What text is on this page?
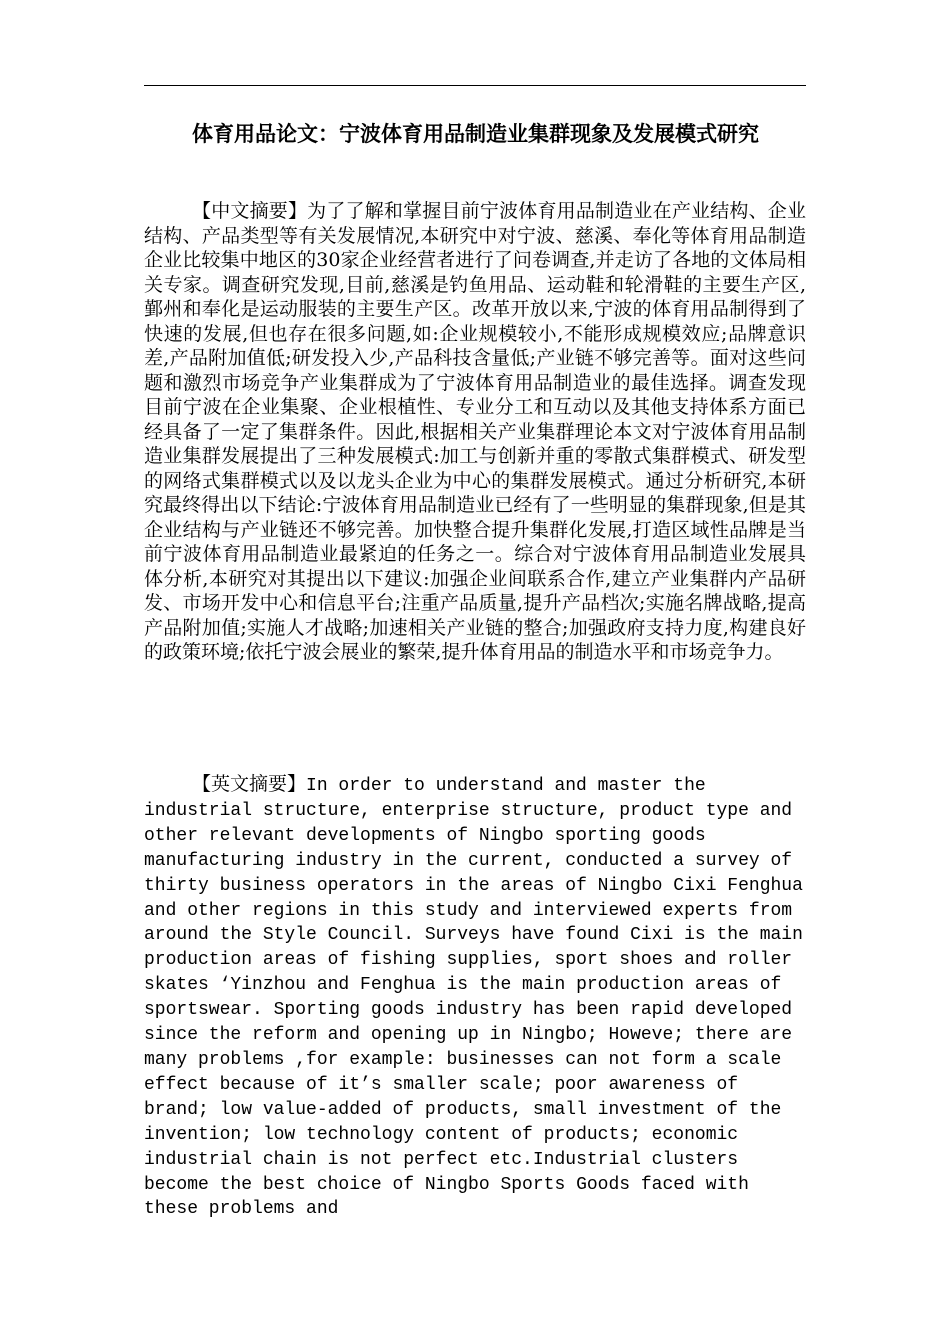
体育用品论文：宁波体育用品制造业集群现象及发展模式研究

【中文摘要】为了了解和掌握目前宁波体育用品制造业在产业结构、企业结构、产品类型等有关发展情况,本研究中对宁波、慈溪、奉化等体育用品制造企业比较集中地区的30家企业经营者进行了问卷调查,并走访了各地的文体局相关专家。调查研究发现,目前,慈溪是钓鱼用品、运动鞋和轮滑鞋的主要生产区,鄞州和奉化是运动服装的主要生产区。改革开放以来,宁波的体育用品制得到了快速的发展,但也存在很多问题,如:企业规模较小,不能形成规模效应;品牌意识差,产品附加值低;研发投入少,产品科技含量低;产业链不够完善等。面对这些问题和激烈市场竞争产业集群成为了宁波体育用品制造业的最佳选择。调查发现目前宁波在企业集聚、企业根植性、专业分工和互动以及其他支持体系方面已经具备了一定了集群条件。因此,根据相关产业集群理论本文对宁波体育用品制造业集群发展提出了三种发展模式:加工与创新并重的零散式集群模式、研发型的网络式集群模式以及以龙头企业为中心的集群发展模式。通过分析研究,本研究最终得出以下结论:宁波体育用品制造业已经有了一些明显的集群现象,但是其企业结构与产业链还不够完善。加快整合提升集群化发展,打造区域性品牌是当前宁波体育用品制造业最紧迫的任务之一。综合对宁波体育用品制造业发展具体分析,本研究对其提出以下建议:加强企业间联系合作,建立产业集群内产品研发、市场开发中心和信息平台;注重产品质量,提升产品档次;实施名牌战略,提高产品附加值;实施人才战略;加速相关产业链的整合;加强政府支持力度,构建良好的政策环境;依托宁波会展业的繁荣,提升体育用品的制造水平和市场竞争力。

【英文摘要】In order to understand and master the industrial structure, enterprise structure, product type and other relevant developments of Ningbo sporting goods manufacturing industry in the current, conducted a survey of thirty business operators in the areas of Ningbo Cixi Fenghua and other regions in this study and interviewed experts from around the Style Council. Surveys have found Cixi is the main production areas of fishing supplies, sport shoes and roller skates ‘Yinzhou and Fenghua is the main production areas of sportswear. Sporting goods industry has been rapid developed since the reform and opening up in Ningbo; Howeve; there are many problems ,for example: businesses can not form a scale effect because of it’s smaller scale; poor awareness of brand; low value-added of products, small investment of the invention; low technology content of products; economic industrial chain is not perfect etc.Industrial clusters become the best choice of Ningbo Sports Goods faced with these problems and
